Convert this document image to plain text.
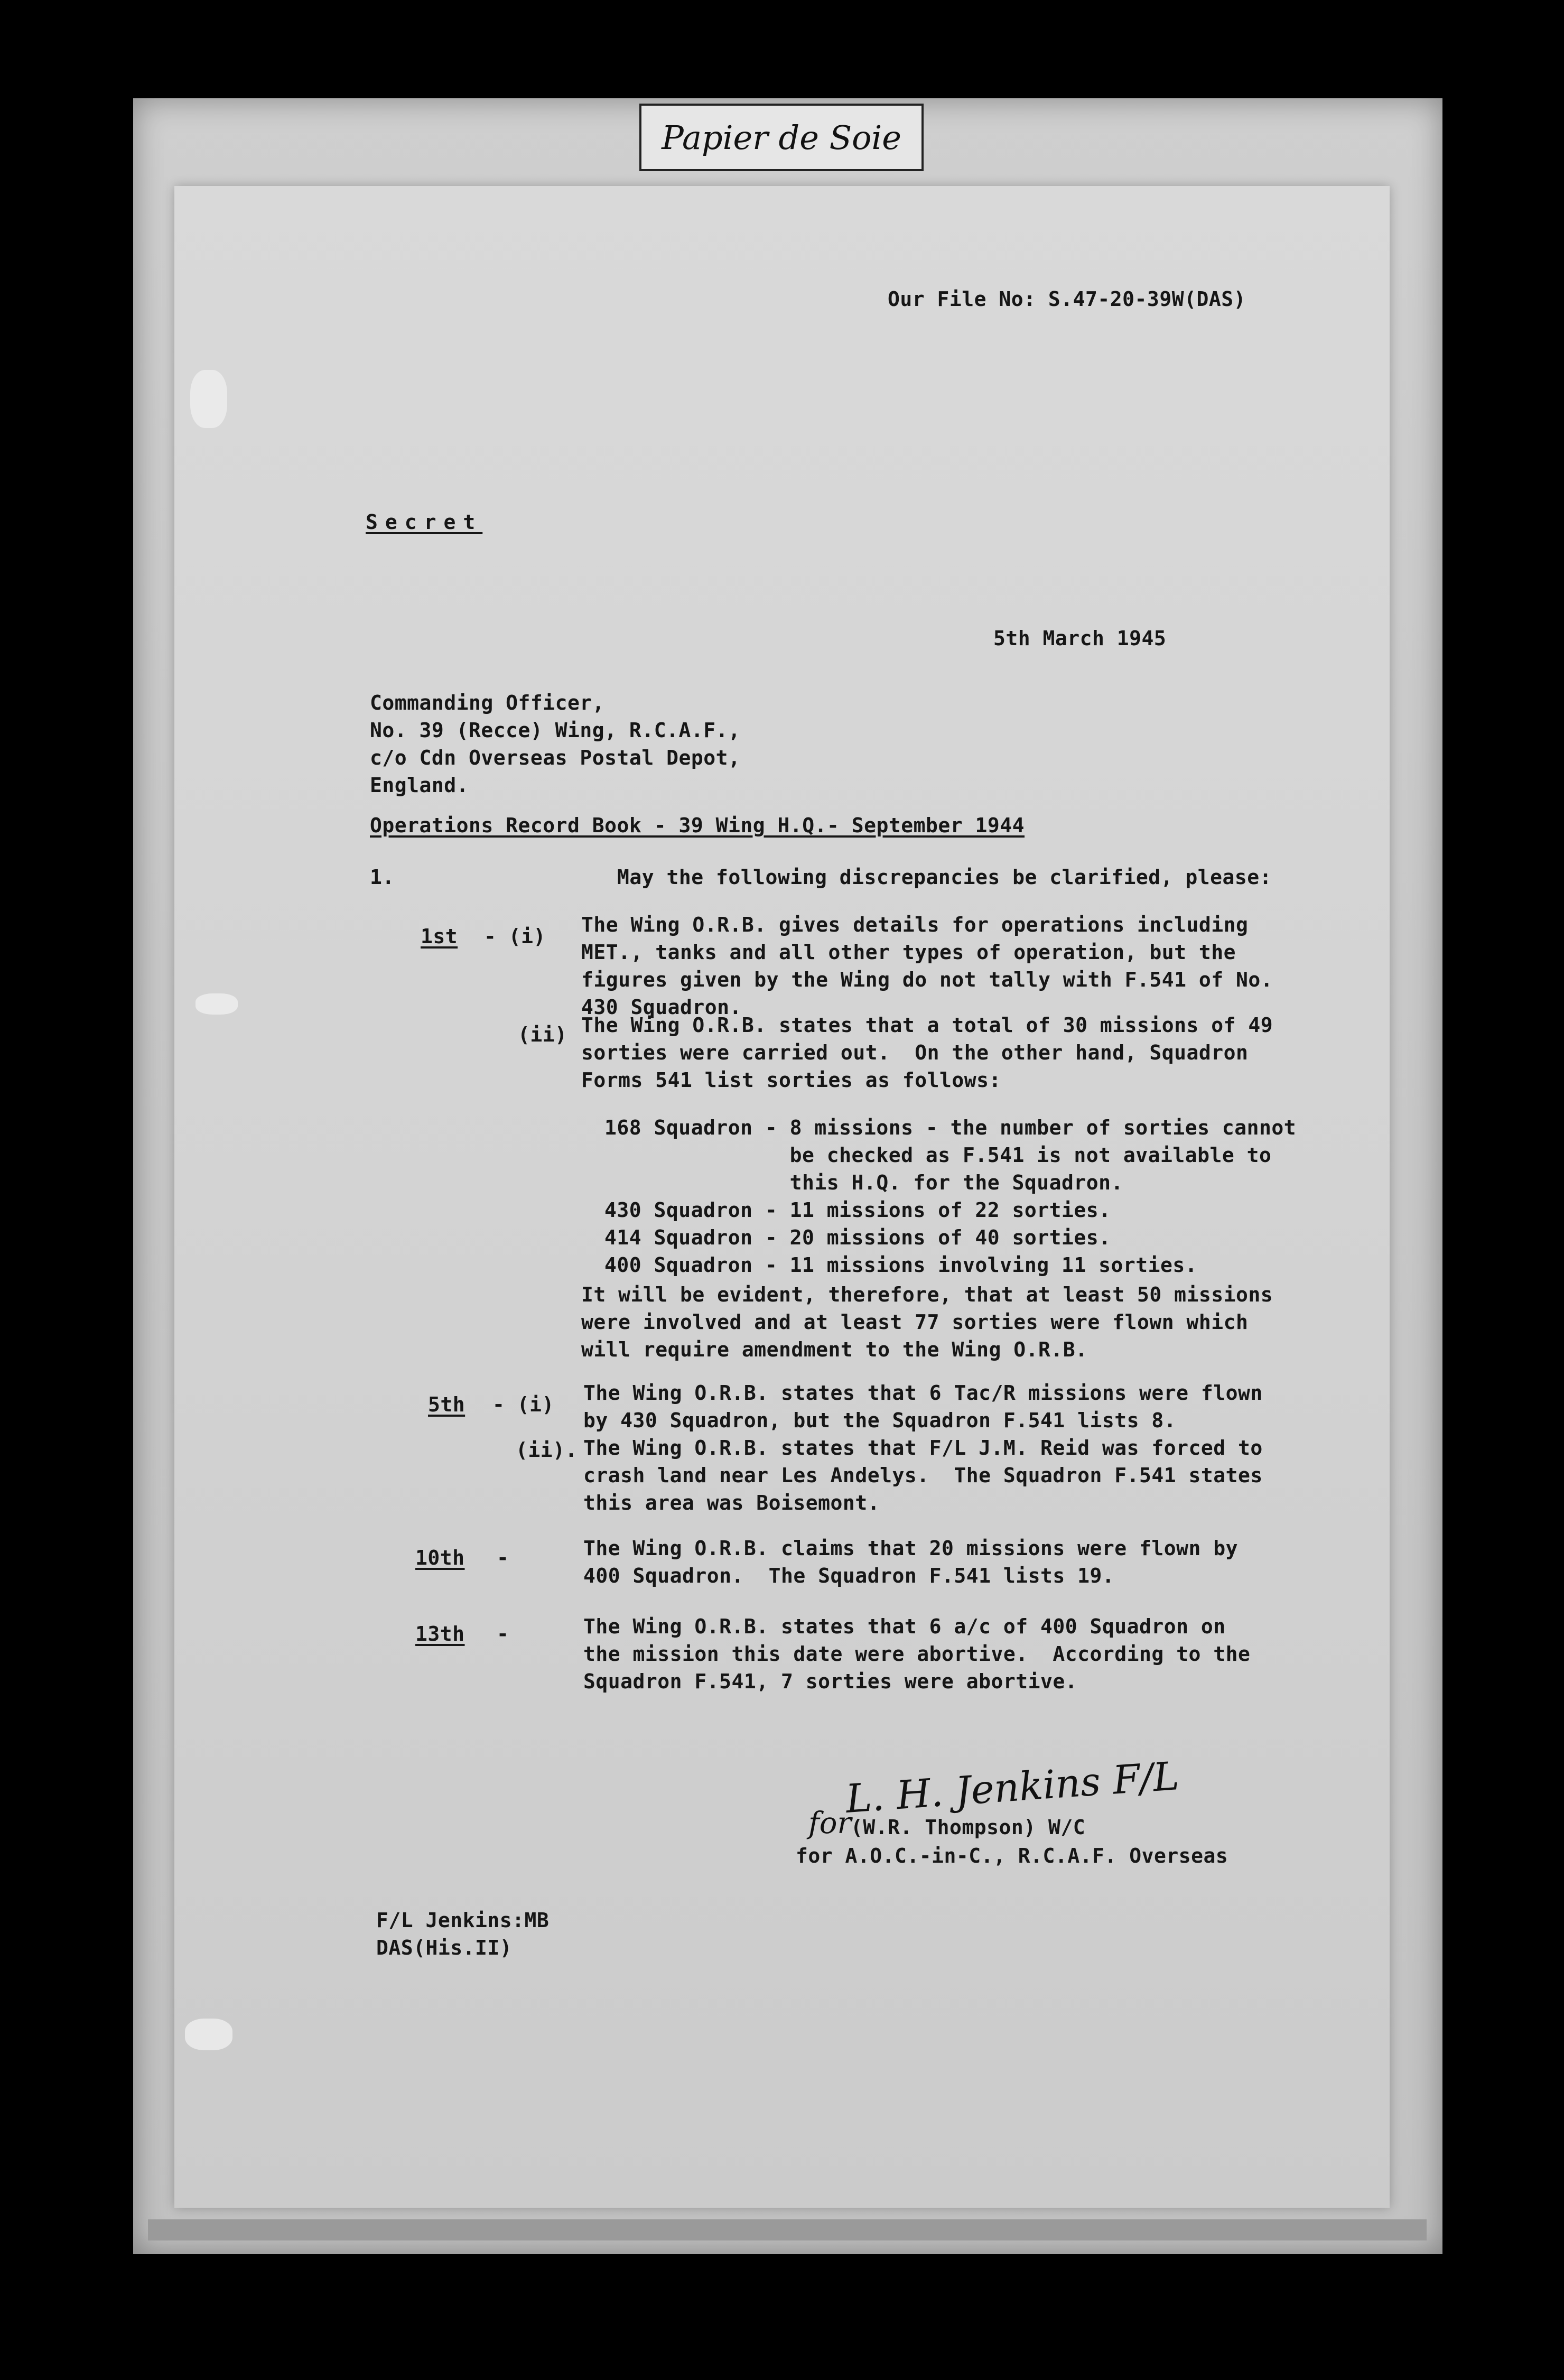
Papier de Soie
Our File No: S.47-20-39W(DAS)
Secret
5th March 1945
Commanding Officer,
No. 39 (Recce) Wing, R.C.A.F.,
c/o Cdn Overseas Postal Depot,
England.
Operations Record Book - 39 Wing H.Q.- September 1944
1.	May the following discrepancies be clarified, please:
1st - (i) The Wing O.R.B. gives details for operations including
MET., tanks and all other types of operation, but the
figures given by the Wing do not tally with F.541 of No.
430 Squadron.
(ii) The Wing O.R.B. states that a total of 30 missions of 49
sorties were carried out.  On the other hand, Squadron
Forms 541 list sorties as follows:
168 Squadron - 8 missions - the number of sorties cannot
be checked as F.541 is not available to
this H.Q. for the Squadron.
430 Squadron - 11 missions of 22 sorties.
414 Squadron - 20 missions of 40 sorties.
400 Squadron - 11 missions involving 11 sorties.
It will be evident, therefore, that at least 50 missions
were involved and at least 77 sorties were flown which
will require amendment to the Wing O.R.B.
5th - (i) The Wing O.R.B. states that 6 Tac/R missions were flown
by 430 Squadron, but the Squadron F.541 lists 8.
(ii). The Wing O.R.B. states that F/L J.M. Reid was forced to
crash land near Les Andelys.  The Squadron F.541 states
this area was Boisemont.
10th -	The Wing O.R.B. claims that 20 missions were flown by
400 Squadron.  The Squadron F.541 lists 19.
13th -	The Wing O.R.B. states that 6 a/c of 400 Squadron on
the mission this date were abortive.  According to the
Squadron F.541, 7 sorties were abortive.
L. H. Jenkins F/L
for
(W.R. Thompson) W/C
for A.O.C.-in-C., R.C.A.F. Overseas
F/L Jenkins:MB
DAS(His.II)
